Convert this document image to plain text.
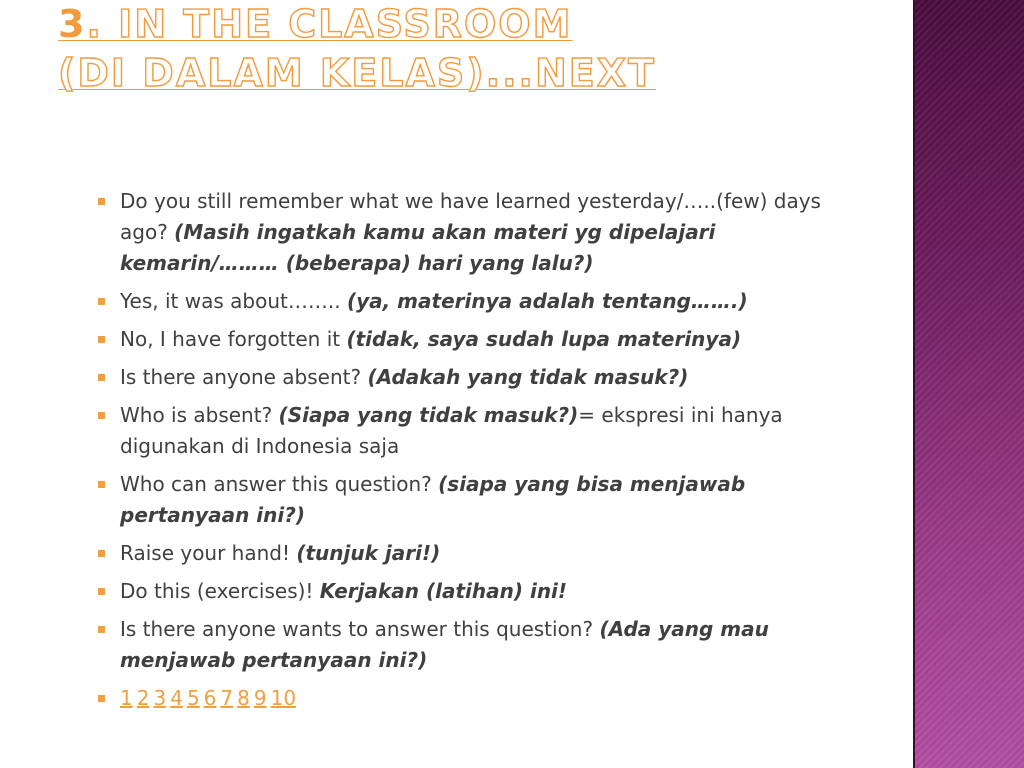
3. IN THE CLASSROOM
(DI DALAM KELAS)...NEXT
Do you still remember what we have learned yesterday/…..(few) days ago? (Masih ingatkah kamu akan materi yg dipelajari kemarin/……… (beberapa) hari yang lalu?)
Yes, it was about…….. (ya, materinya adalah tentang…….)
No, I have forgotten it (tidak, saya sudah lupa materinya)
Is there anyone absent? (Adakah yang tidak masuk?)
Who is absent? (Siapa yang tidak masuk?)= ekspresi ini hanya digunakan di Indonesia saja
Who can answer this question? (siapa yang bisa menjawab pertanyaan ini?)
Raise your hand! (tunjuk jari!)
Do this (exercises)! Kerjakan (latihan) ini!
Is there anyone wants to answer this question? (Ada yang mau menjawab pertanyaan ini?)
1 2 3 4 5 6 7 8 9 10
